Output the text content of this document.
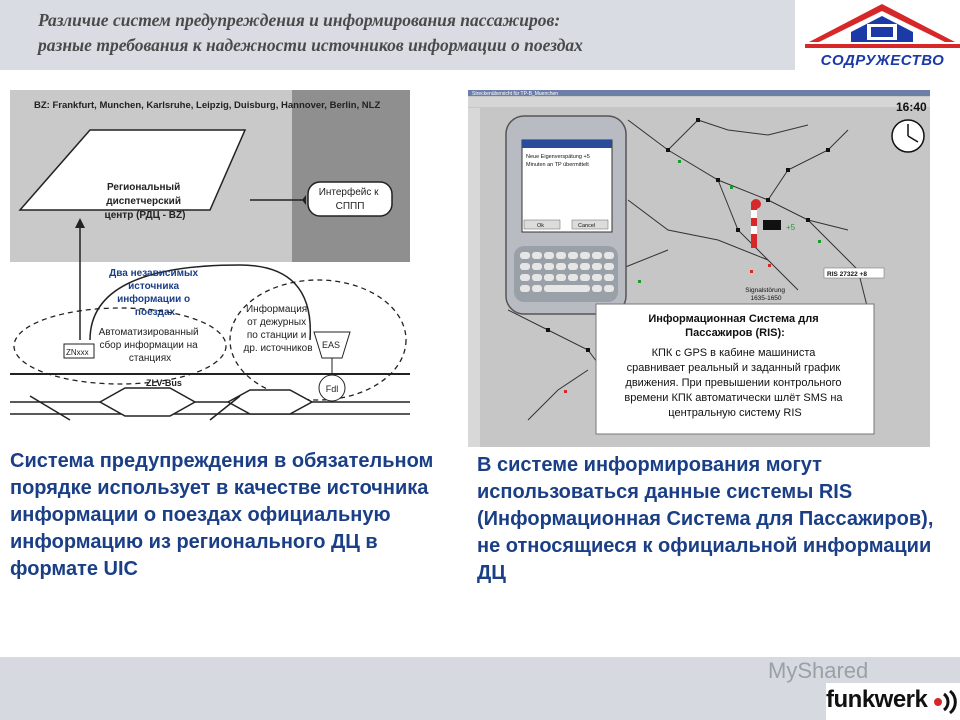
Различие систем предупреждения и информирования пассажиров:
разные требования к надежности источников информации о поездах
СОДРУЖЕСТВО
BZ: Frankfurt, Munchen, Karlsruhe, Leipzig, Duisburg, Hannover, Berlin, NLZ
Региональный диспетчерский центр (РДЦ - BZ)
Интерфейс к СППП
Два независимых источника информации о поездах
Автоматизированный сбор информации на станциях
ZNxxx
Информация от дежурных по станции и др. источников EAS
Fdl
ZLV-Bus
Streckenübersicht für TP-B_Muenchen
16:40
+5
RIS 27322 +8
Signalstörung 1635-1650
Neue Eigenverspätung +5 Minuten an TP übermittelt
Ok	Cancel
Информационная Система для Пассажиров (RIS):
КПК с GPS в кабине машиниста сравнивает реальный и заданный график движения. При превышении контрольного времени КПК автоматически шлёт SMS на центральную систему RIS
Система предупреждения в обязательном порядке использует в качестве источника информации о поездах официальную информацию из регионального ДЦ в формате UIC
В системе информирования могут использоваться данные системы RIS (Информационная Система для Пассажиров), не относящиеся к официальной информации ДЦ
MyShared
funkwerk
